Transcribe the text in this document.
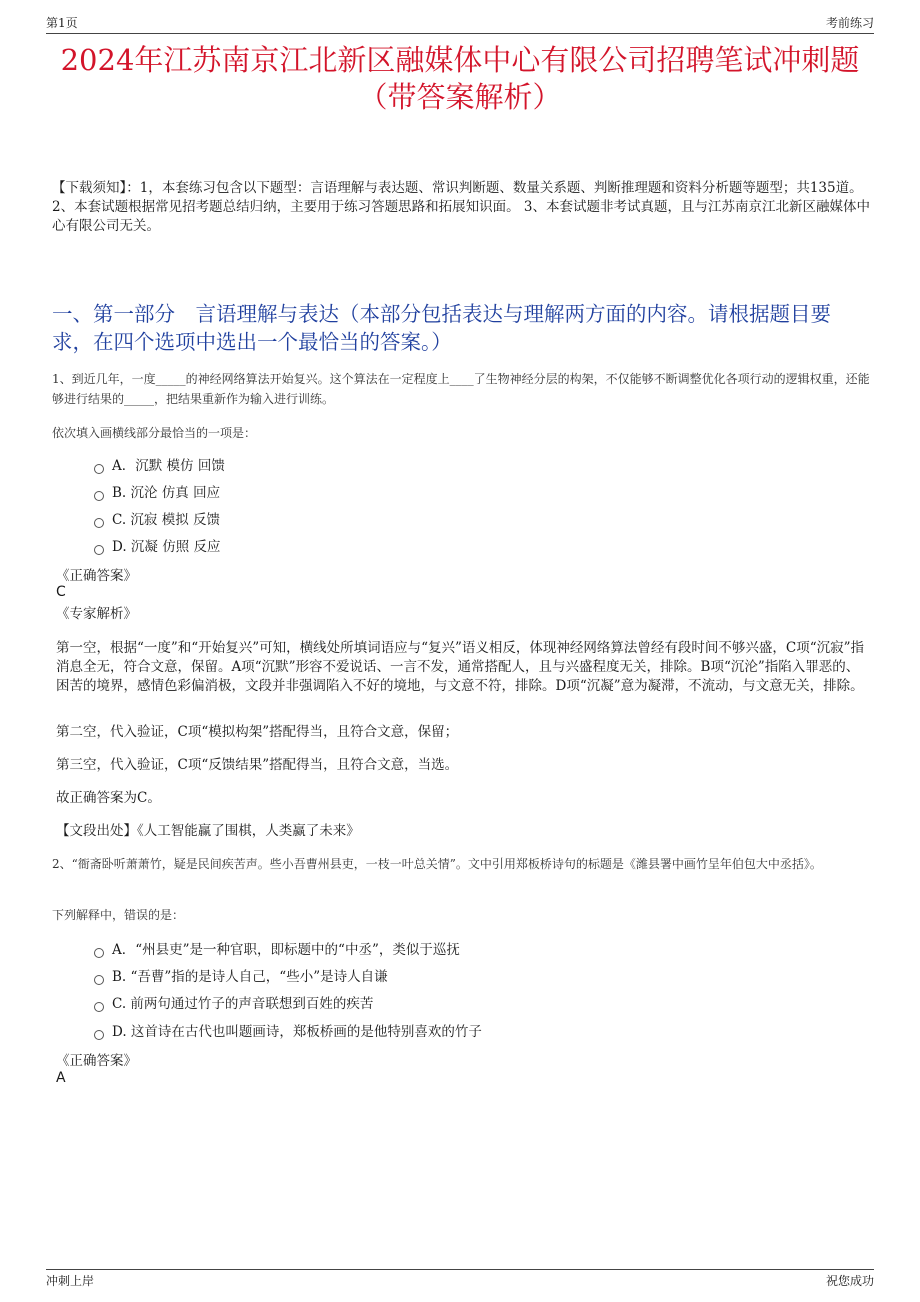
第1页	考前练习
2024年江苏南京江北新区融媒体中心有限公司招聘笔试冲刺题（带答案解析）
【下载须知】：1，本套练习包含以下题型：言语理解与表达题、常识判断题、数量关系题、判断推理题和资料分析题等题型；共135道。 2、本套试题根据常见招考题总结归纳，主要用于练习答题思路和拓展知识面。 3、本套试题非考试真题，且与江苏南京江北新区融媒体中心有限公司无关。
一、第一部分　言语理解与表达（本部分包括表达与理解两方面的内容。请根据题目要求，在四个选项中选出一个最恰当的答案。）
1、到近几年，一度_____的神经网络算法开始复兴。这个算法在一定程度上____了生物神经分层的构架，不仅能够不断调整优化各项行动的逻辑权重，还能够进行结果的_____，把结果重新作为输入进行训练。
依次填入画横线部分最恰当的一项是：
A．沉默 模仿 回馈
B. 沉沦 仿真 回应
C. 沉寂 模拟 反馈
D. 沉凝 仿照 反应
《正确答案》
C
《专家解析》
第一空，根据“一度”和“开始复兴”可知，横线处所填词语应与“复兴”语义相反，体现神经网络算法曾经有段时间不够兴盛，C项“沉寂”指消息全无，符合文意，保留。A项“沉默”形容不爱说话、一言不发，通常搭配人，且与兴盛程度无关，排除。B项“沉沦”指陷入罪恶的、困苦的境界，感情色彩偏消极，文段并非强调陷入不好的境地，与文意不符，排除。D项“沉凝”意为凝滞，不流动，与文意无关，排除。
第二空，代入验证，C项“模拟构架”搭配得当，且符合文意，保留；
第三空，代入验证，C项“反馈结果”搭配得当，且符合文意，当选。
故正确答案为C。
【文段出处】《人工智能赢了围棋，人类赢了未来》
2、“衙斋卧听萧萧竹，疑是民间疾苦声。些小吾曹州县吏，一枝一叶总关情”。文中引用郑板桥诗句的标题是《潍县署中画竹呈年伯包大中丞括》。
下列解释中，错误的是：
A．“州县吏”是一种官职，即标题中的“中丞”，类似于巡抚
B. “吾曹”指的是诗人自己，“些小”是诗人自谦
C. 前两句通过竹子的声音联想到百姓的疾苦
D. 这首诗在古代也叫题画诗，郑板桥画的是他特别喜欢的竹子
《正确答案》
A
冲刺上岸	祝您成功
